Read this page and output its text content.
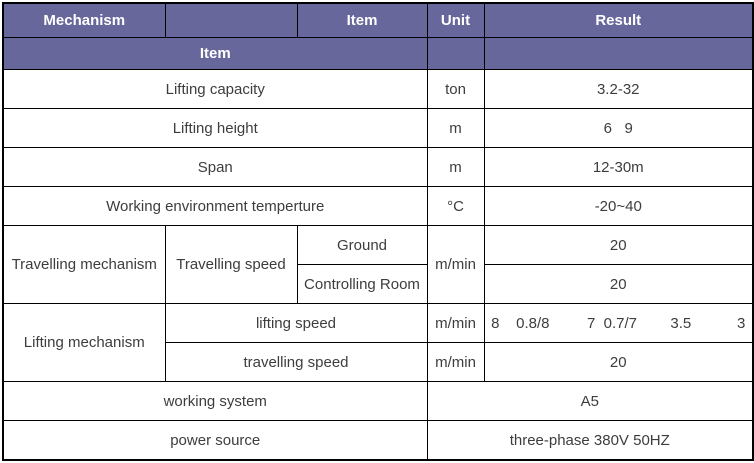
Mechanism		Item	Unit	Result
Item				
Lifting capacity			ton	3.2-32
Lifting height			m	6   9
Span			m	12-30m
Working environment temperture			°C	-20~40
Travelling mechanism	Travelling speed	Ground	m/min	20
		Controlling Room		20
Lifting mechanism	lifting speed		m/min	8    0.8/8         7  0.7/7        3.5           3
	travelling speed		m/min	20
working system			A5	
power source			three-phase 380V 50HZ	
